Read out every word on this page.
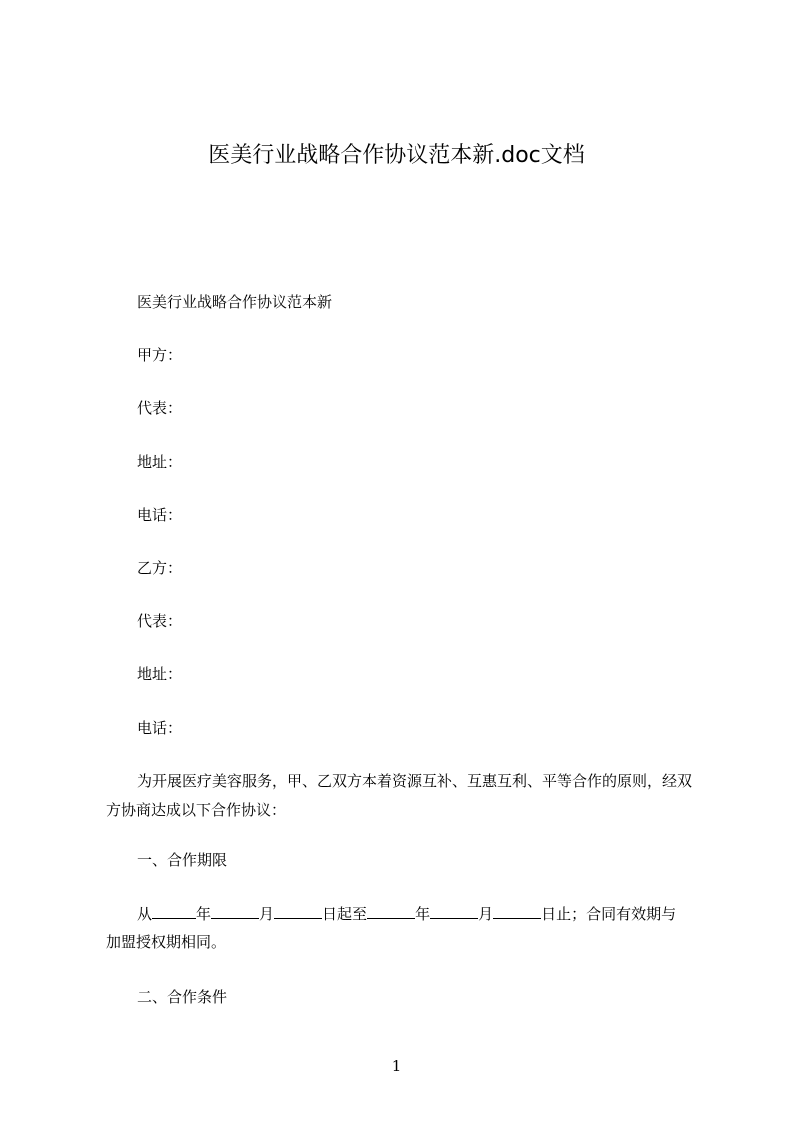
医美行业战略合作协议范本新.doc文档
医美行业战略合作协议范本新
甲方：
代表：
地址：
电话：
乙方：
代表：
地址：
电话：
为开展医疗美容服务，甲、乙双方本着资源互补、互惠互利、平等合作的原则，经双方协商达成以下合作协议：
一、合作期限
从	年	月	日起至	年	月	日止；合同有效期与
加盟授权期相同。
二、合作条件
1
